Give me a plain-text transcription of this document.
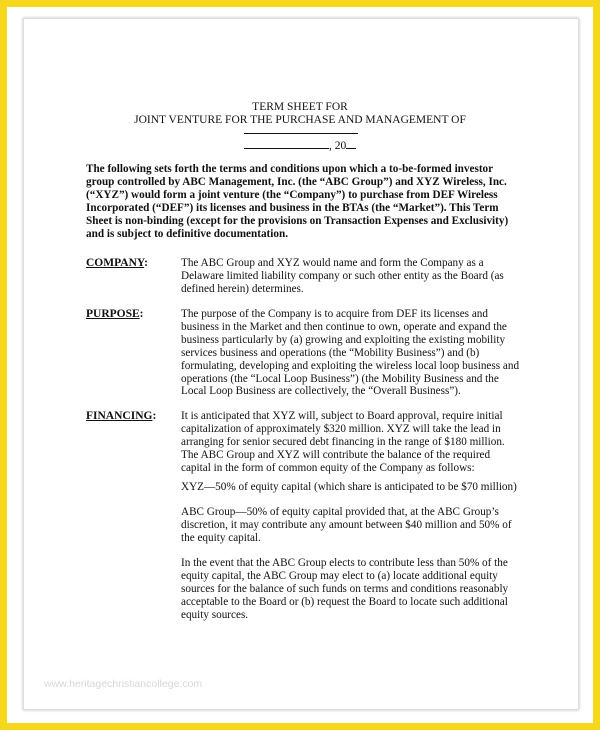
TERM SHEET FOR
JOINT VENTURE FOR THE PURCHASE AND MANAGEMENT OF
, 20

The following sets forth the terms and conditions upon which a to-be-formed investor group controlled by ABC Management, Inc. (the “ABC Group”) and XYZ Wireless, Inc. (“XYZ”) would form a joint venture (the “Company”) to purchase from DEF Wireless Incorporated (“DEF”) its licenses and business in the BTAs (the “Market”). This Term Sheet is non-binding (except for the provisions on Transaction Expenses and Exclusivity) and is subject to definitive documentation.

COMPANY:	The ABC Group and XYZ would name and form the Company as a Delaware limited liability company or such other entity as the Board (as defined herein) determines.

PURPOSE:	The purpose of the Company is to acquire from DEF its licenses and business in the Market and then continue to own, operate and expand the business particularly by (a) growing and exploiting the existing mobility services business and operations (the “Mobility Business”) and (b) formulating, developing and exploiting the wireless local loop business and operations (the “Local Loop Business”) (the Mobility Business and the Local Loop Business are collectively, the “Overall Business”).

FINANCING: It is anticipated that XYZ will, subject to Board approval, require initial capitalization of approximately $320 million. XYZ will take the lead in arranging for senior secured debt financing in the range of $180 million. The ABC Group and XYZ will contribute the balance of the required capital in the form of common equity of the Company as follows:

XYZ—50% of equity capital (which share is anticipated to be $70 million)

ABC Group—50% of equity capital provided that, at the ABC Group’s discretion, it may contribute any amount between $40 million and 50% of the equity capital.

In the event that the ABC Group elects to contribute less than 50% of the equity capital, the ABC Group may elect to (a) locate additional equity sources for the balance of such funds on terms and conditions reasonably acceptable to the Board or (b) request the Board to locate such additional equity sources.

www.heritagechristiancollege.com
